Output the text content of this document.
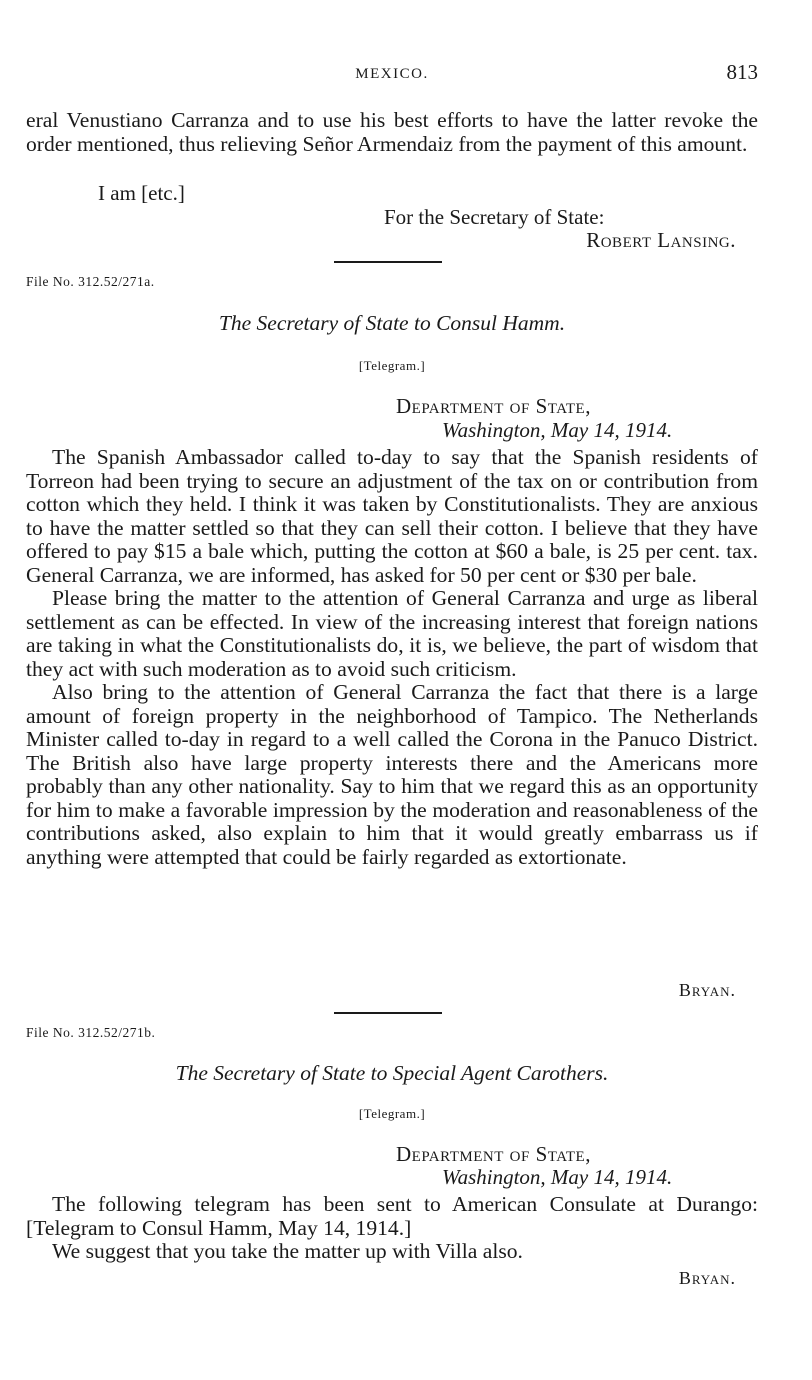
MEXICO.	813

eral Venustiano Carranza and to use his best efforts to have the latter revoke the order mentioned, thus relieving Señor Armendaiz from the payment of this amount.

I am [etc.]
For the Secretary of State:
Robert Lansing.
File No. 312.52/271a.
The Secretary of State to Consul Hamm.
[Telegram.]
Department of State,
Washington, May 14, 1914.

The Spanish Ambassador called to-day to say that the Spanish residents of Torreon had been trying to secure an adjustment of the tax on or contribution from cotton which they held. I think it was taken by Constitutionalists. They are anxious to have the matter settled so that they can sell their cotton. I believe that they have offered to pay $15 a bale which, putting the cotton at $60 a bale, is 25 per cent. tax. General Carranza, we are informed, has asked for 50 per cent or $30 per bale.

Please bring the matter to the attention of General Carranza and urge as liberal settlement as can be effected. In view of the increasing interest that foreign nations are taking in what the Constitutionalists do, it is, we believe, the part of wisdom that they act with such moderation as to avoid such criticism.

Also bring to the attention of General Carranza the fact that there is a large amount of foreign property in the neighborhood of Tampico. The Netherlands Minister called to-day in regard to a well called the Corona in the Panuco District. The British also have large property interests there and the Americans more probably than any other nationality. Say to him that we regard this as an opportunity for him to make a favorable impression by the moderation and reasonableness of the contributions asked, also explain to him that it would greatly embarrass us if anything were attempted that could be fairly regarded as extortionate.

Bryan.
File No. 312.52/271b.
The Secretary of State to Special Agent Carothers.
[Telegram.]
Department of State,
Washington, May 14, 1914.

The following telegram has been sent to American Consulate at Durango: [Telegram to Consul Hamm, May 14, 1914.]

We suggest that you take the matter up with Villa also.

Bryan.
